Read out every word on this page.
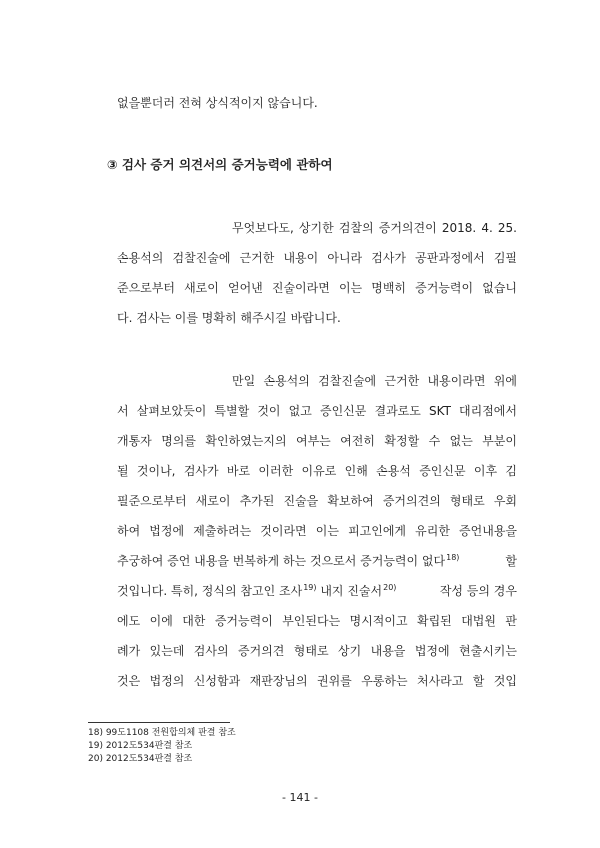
없을뿐더러 전혀 상식적이지 않습니다.
③ 검사 증거 의견서의 증거능력에 관하여
무엇보다도, 상기한 검찰의 증거의견이 2018. 4. 25.
손용석의 검찰진술에 근거한 내용이 아니라 검사가 공판과정에서 김필
준으로부터 새로이 얻어낸 진술이라면 이는 명백히 증거능력이 없습니
다. 검사는 이를 명확히 해주시길 바랍니다.
만일 손용석의 검찰진술에 근거한 내용이라면 위에
서 살펴보았듯이 특별할 것이 없고 증인신문 결과로도 SKT 대리점에서
개통자 명의를 확인하였는지의 여부는 여전히 확정할 수 없는 부분이
될 것이나, 검사가 바로 이러한 이유로 인해 손용석 증인신문 이후 김
필준으로부터 새로이 추가된 진술을 확보하여 증거의견의 형태로 우회
하여 법정에 제출하려는 것이라면 이는 피고인에게 유리한 증언내용을
추궁하여 증언 내용을 번복하게 하는 것으로서 증거능력이 없다$^{18)}$	할
것입니다. 특히, 정식의 참고인 조사$^{19)}$ 내지 진술서$^{20)}$	작성 등의 경우
에도 이에 대한 증거능력이 부인된다는 명시적이고 확립된 대법원 판
례가 있는데 검사의 증거의견 형태로 상기 내용을 법정에 현출시키는
것은 법정의 신성함과 재판장님의 권위를 우롱하는 처사라고 할 것입
18) 99도1108 전원합의체 판결 참조
19) 2012도534판결 참조
20) 2012도534판결 참조
- 141 -
